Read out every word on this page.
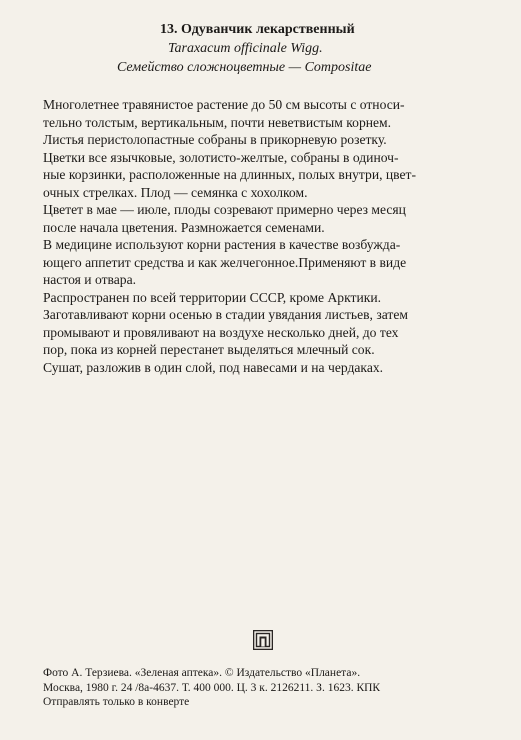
13. Одуванчик лекарственный
Taraxacum officinale Wigg.
Семейство сложноцветные — Compositae

Многолетнее травянистое растение до 50 см высоты с относи-
тельно толстым, вертикальным, почти неветвистым корнем.
Листья перистолопастные собраны в прикорневую розетку.
Цветки все язычковые, золотисто-желтые, собраны в одиноч-
ные корзинки, расположенные на длинных, полых внутри, цвет-
очных стрелках. Плод — семянка с хохолком.

Цветет в мае — июле, плоды созревают примерно через месяц
после начала цветения. Размножается семенами.

В медицине используют корни растения в качестве возбужда-
ющего аппетит средства и как желчегонное.Применяют в виде
настоя и отвара.

Распространен по всей территории СССР, кроме Арктики.
Заготавливают корни осенью в стадии увядания листьев, затем
промывают и провяливают на воздухе несколько дней, до тех
пор, пока из корней перестанет выделяться млечный сок.
Сушат, разложив в один слой, под навесами и на чердаках.

Фото А. Терзиева. «Зеленая аптека». © Издательство «Планета».
Москва, 1980 г. 24 /8а-4637. Т. 400 000. Ц. 3 к. 2126211. З. 1623. КПК
Отправлять только в конверте
